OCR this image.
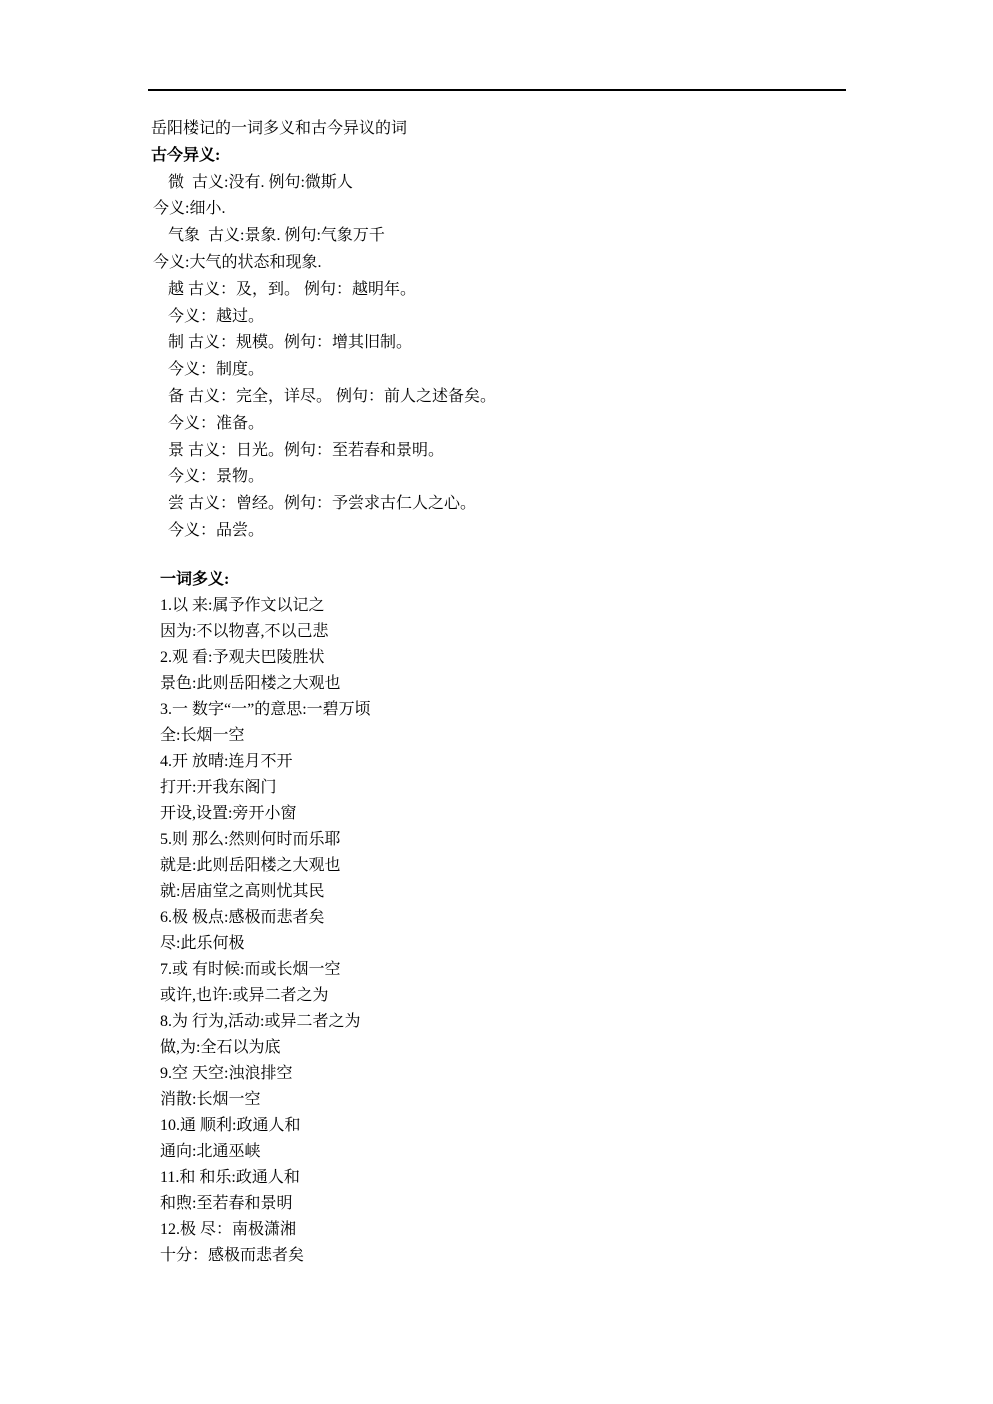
岳阳楼记的一词多义和古今异议的词
古今异义:
微  古义:没有. 例句:微斯人
今义:细小.
气象  古义:景象. 例句:气象万千
今义:大气的状态和现象.
越 古义：及，到。 例句：越明年。
今义：越过。
制 古义：规模。例句：增其旧制。
今义：制度。
备 古义：完全，详尽。 例句：前人之述备矣。
今义：准备。
景 古义：日光。例句：至若春和景明。
今义：景物。
尝 古义：曾经。例句：予尝求古仁人之心。
今义：品尝。
一词多义:
1.以 来:属予作文以记之
因为:不以物喜,不以己悲
2.观 看:予观夫巴陵胜状
景色:此则岳阳楼之大观也
3.一 数字“一”的意思:一碧万顷
全:长烟一空
4.开 放晴:连月不开
打开:开我东阁门
开设,设置:旁开小窗
5.则 那么:然则何时而乐耶
就是:此则岳阳楼之大观也
就:居庙堂之高则忧其民
6.极 极点:感极而悲者矣
尽:此乐何极
7.或 有时候:而或长烟一空
或许,也许:或异二者之为
8.为 行为,活动:或异二者之为
做,为:全石以为底
9.空 天空:浊浪排空
消散:长烟一空
10.通 顺利:政通人和
通向:北通巫峡
11.和 和乐:政通人和
和煦:至若春和景明
12.极 尽：南极潇湘
十分：感极而悲者矣
